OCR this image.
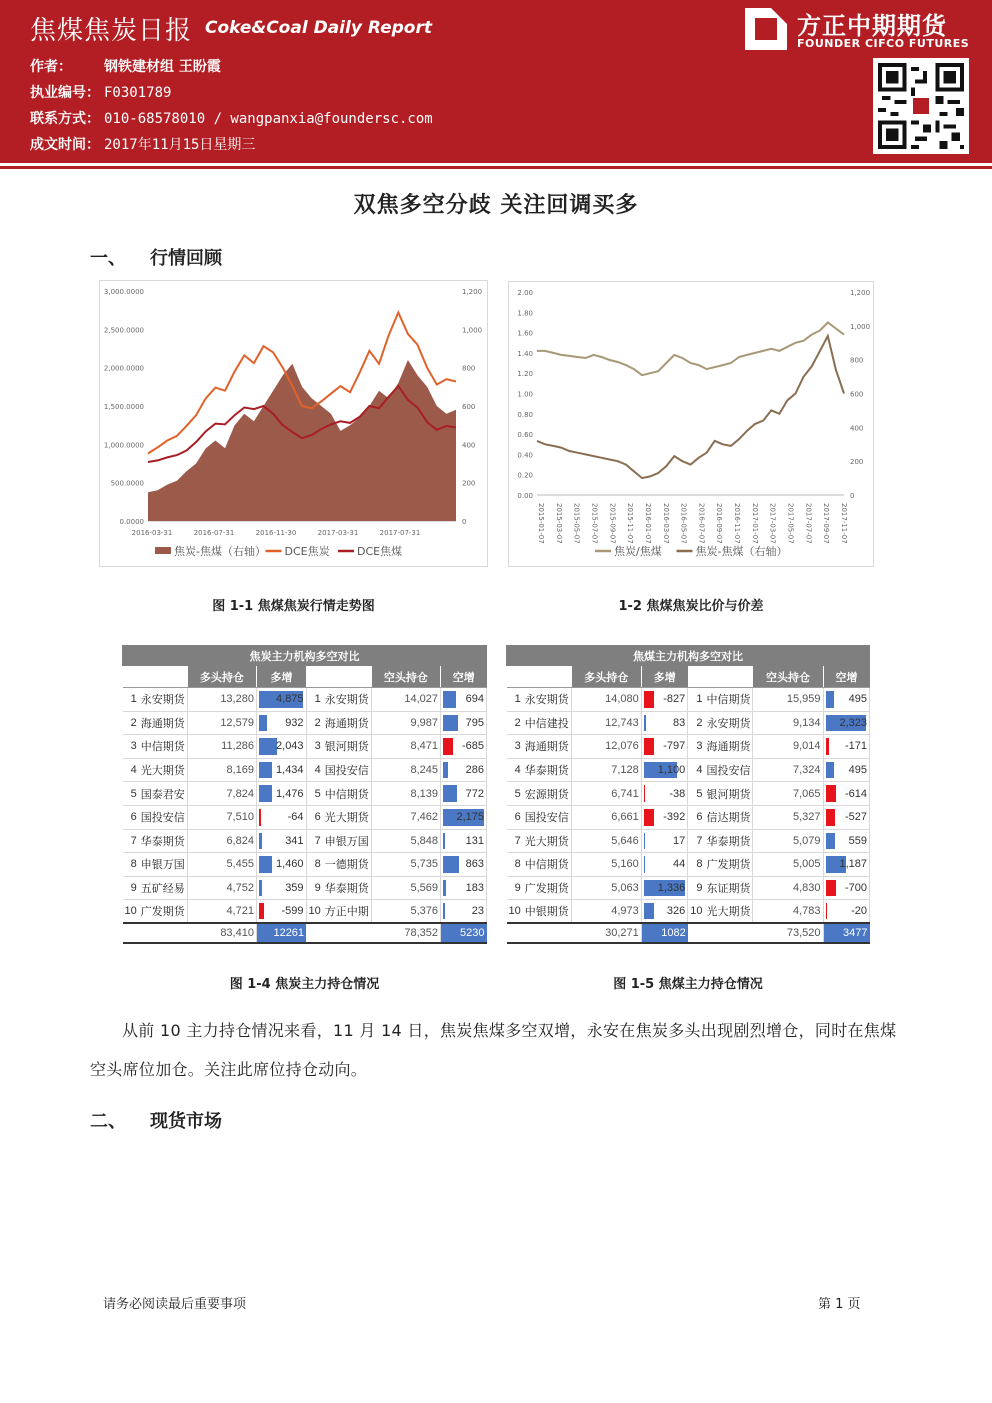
焦煤焦炭日报 Coke&Coal Daily Report
作者： 钢铁建材组 王盼霞
执业编号： F0301789
联系方式： 010-68578010 / wangpanxia@foundersc.com
成文时间： 2017年11月15日星期三
方正中期期货
FOUNDER CIFCO FUTURES
双焦多空分歧 关注回调买多
一、 行情回顾
3,000.0000
2,500.0000
2,000.0000
1,500.0000
1,000.0000
500.0000
0.0000
1,200
1,000
800
600
400
200
0
2016-03-31	2016-07-31	2016-11-30	2017-03-31	2017-07-31
焦炭-焦煤（右轴） DCE焦炭 DCE焦煤
2.00
1.80
1.60
1.40
1.20
1.00
0.80
0.60
0.40
0.20
0.00
1,200
1,000
800
600
400
200
0
2015-01-07 2015-03-07 2015-05-07 2015-07-07 2015-09-07 2015-11-07 2016-01-07 2016-03-07 2016-05-07 2016-07-07 2016-09-07 2016-11-07 2017-01-07 2017-03-07 2017-05-07 2017-07-07 2017-09-07 2017-11-07
焦炭/焦煤	焦炭-焦煤（右轴）
图 1-1 焦煤焦炭行情走势图	1-2 焦煤焦炭比价与价差
焦炭主力机构多空对比							
		多头持仓	多增			空头持仓	空增
1	永安期货	13,280	4,875	1	永安期货	14,027	694
2	海通期货	12,579	932	2	海通期货	9,987	795
3	中信期货	11,286	2,043	3	银河期货	8,471	-685
4	光大期货	8,169	1,434	4	国投安信	8,245	286
5	国泰君安	7,824	1,476	5	中信期货	8,139	772
6	国投安信	7,510	-64	6	光大期货	7,462	2,175
7	华泰期货	6,824	341	7	申银万国	5,848	131
8	申银万国	5,455	1,460	8	一德期货	5,735	863
9	五矿经易	4,752	359	9	华泰期货	5,569	183
10	广发期货	4,721	-599	10	方正中期	5,376	23
		83,410	12261			78,352	5230
焦煤主力机构多空对比							
		多头持仓	多增			空头持仓	空增
1	永安期货	14,080	-827	1	中信期货	15,959	495
2	中信建投	12,743	83	2	永安期货	9,134	2,323
3	海通期货	12,076	-797	3	海通期货	9,014	-171
4	华泰期货	7,128	1,100	4	国投安信	7,324	495
5	宏源期货	6,741	-38	5	银河期货	7,065	-614
6	国投安信	6,661	-392	6	信达期货	5,327	-527
7	光大期货	5,646	17	7	华泰期货	5,079	559
8	中信期货	5,160	44	8	广发期货	5,005	1,187
9	广发期货	5,063	1,336	9	东证期货	4,830	-700
10	中银期货	4,973	326	10	光大期货	4,783	-20
		30,271	1082			73,520	3477
图 1-4 焦炭主力持仓情况	图 1-5 焦煤主力持仓情况
从前 10 主力持仓情况来看，11 月 14 日，焦炭焦煤多空双增，永安在焦炭多头出现剧烈增仓，同时在焦煤空头席位加仓。关注此席位持仓动向。
二、 现货市场
请务必阅读最后重要事项	第 1 页
